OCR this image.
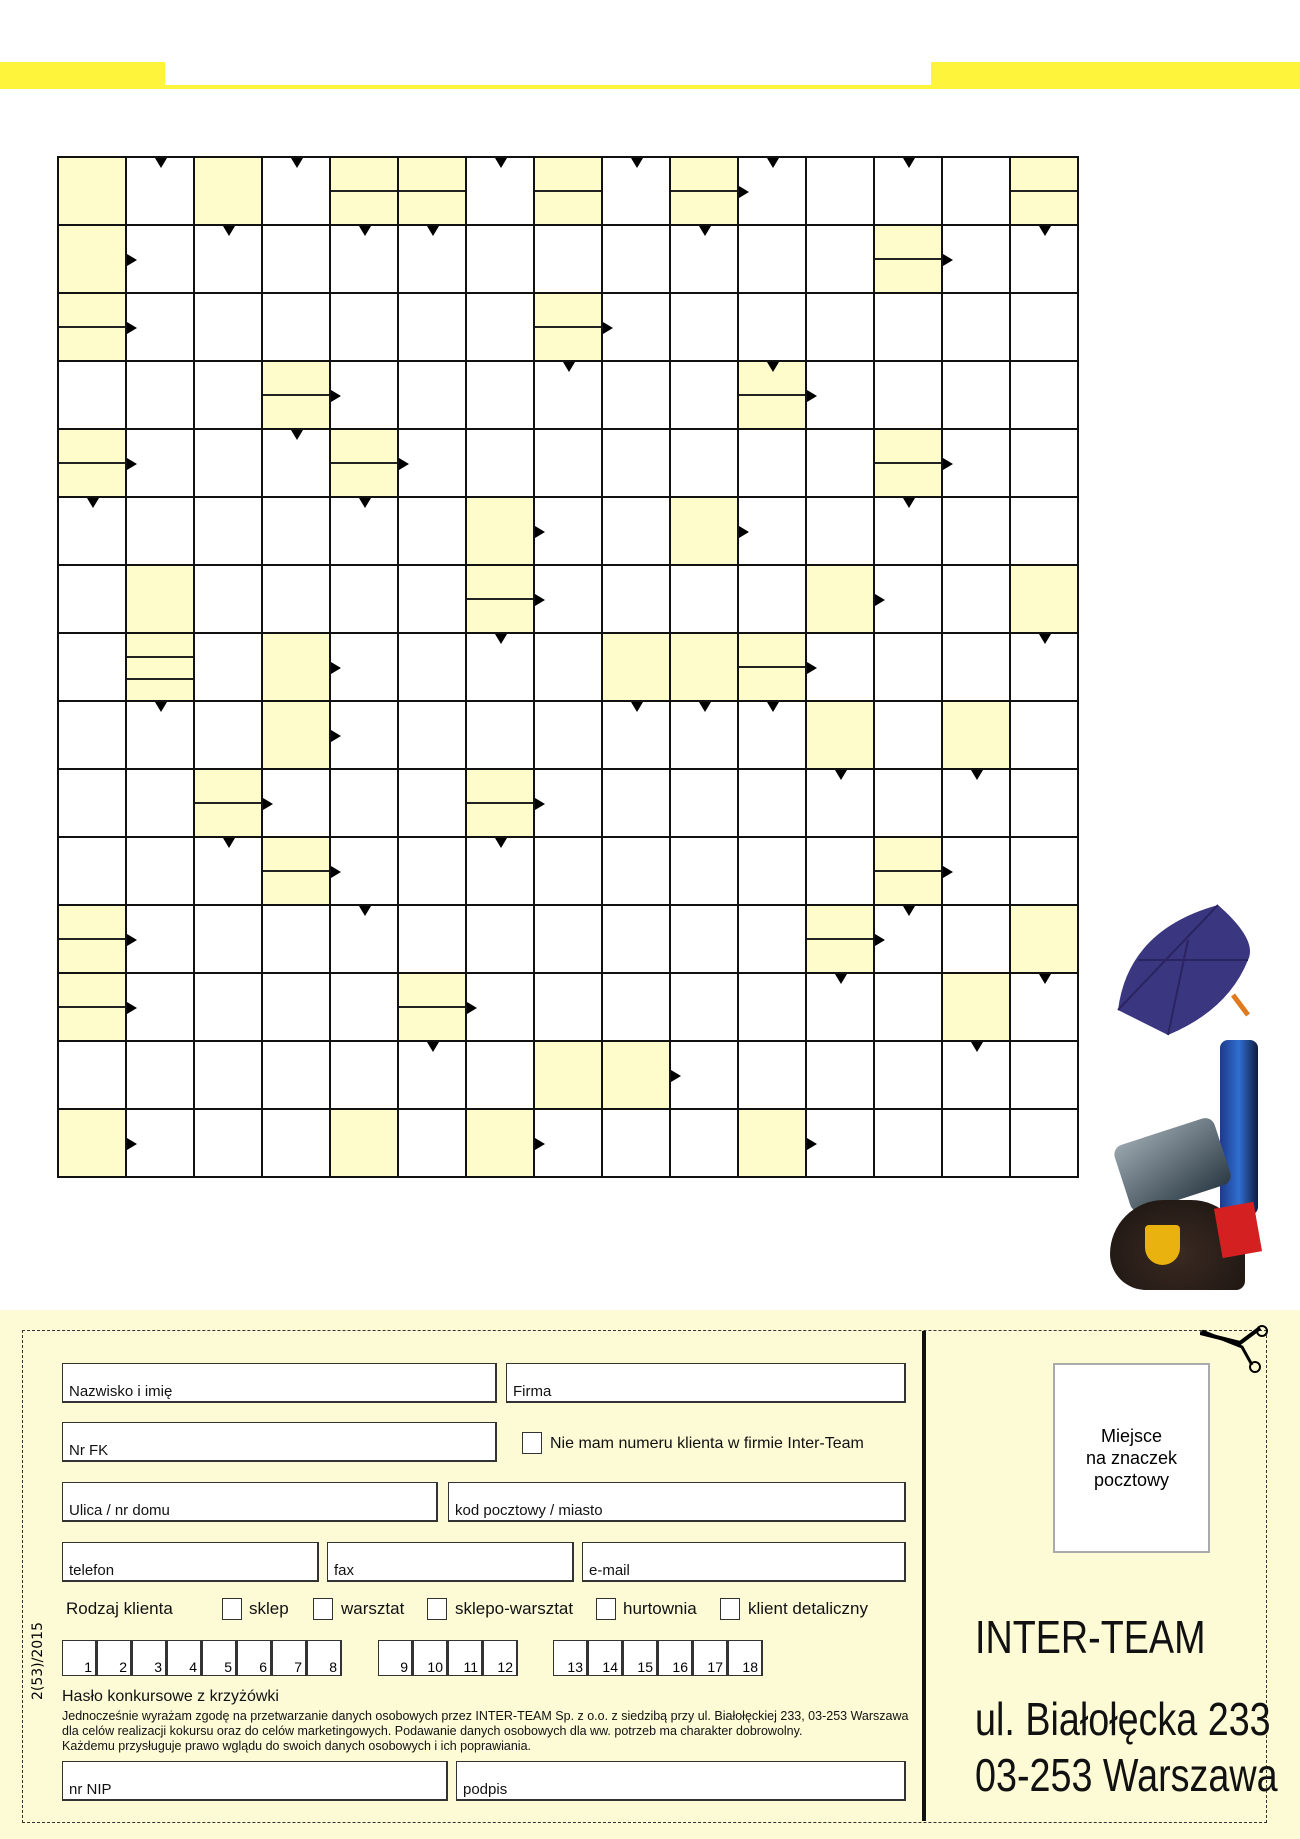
Nazwisko i imię	Firma
Nr FK	Nie mam numeru klienta w firmie Inter-Team
Ulica / nr domu	kod pocztowy / miasto
telefon	fax	e-mail
Rodzaj klienta	sklep	warsztat	sklepo-warsztat	hurtownia	klient detaliczny
1 2 3 4 5 6 7 8	9 10 11 12	13 14 15 16 17 18
2(53)/2015 Hasło konkursowe z krzyżówki
Jednocześnie wyrażam zgodę na przetwarzanie danych osobowych przez INTER-TEAM Sp. z o.o. z siedzibą przy ul. Białołęckiej 233, 03-253 Warszawa
dla celów realizacji kokursu oraz do celów marketingowych. Podawanie danych osobowych dla ww. potrzeb ma charakter dobrowolny.
Każdemu przysługuje prawo wglądu do swoich danych osobowych i ich poprawiania.
nr NIP	podpis
Miejsce
na znaczek
pocztowy
INTER-TEAM
ul. Białołęcka 233
03-253 Warszawa
